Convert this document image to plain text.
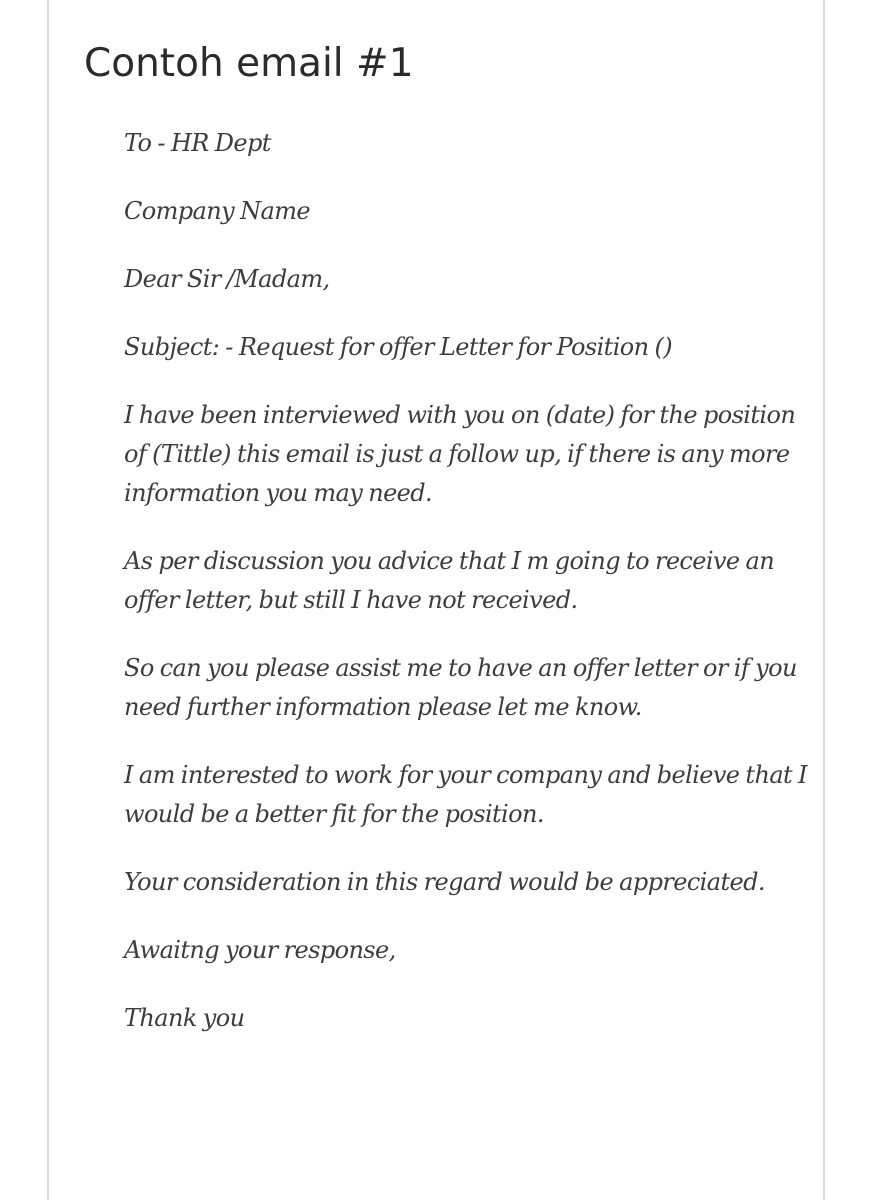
Contoh email #1

To - HR Dept

Company Name

Dear Sir /Madam,

Subject: - Request for offer Letter for Position ()

I have been interviewed with you on (date) for the position of (Tittle) this email is just a follow up, if there is any more information you may need.

As per discussion you advice that I m going to receive an offer letter, but still I have not received.

So can you please assist me to have an offer letter or if you need further information please let me know.

I am interested to work for your company and believe that I would be a better fit for the position.

Your consideration in this regard would be appreciated.

Awaitng your response,

Thank you
